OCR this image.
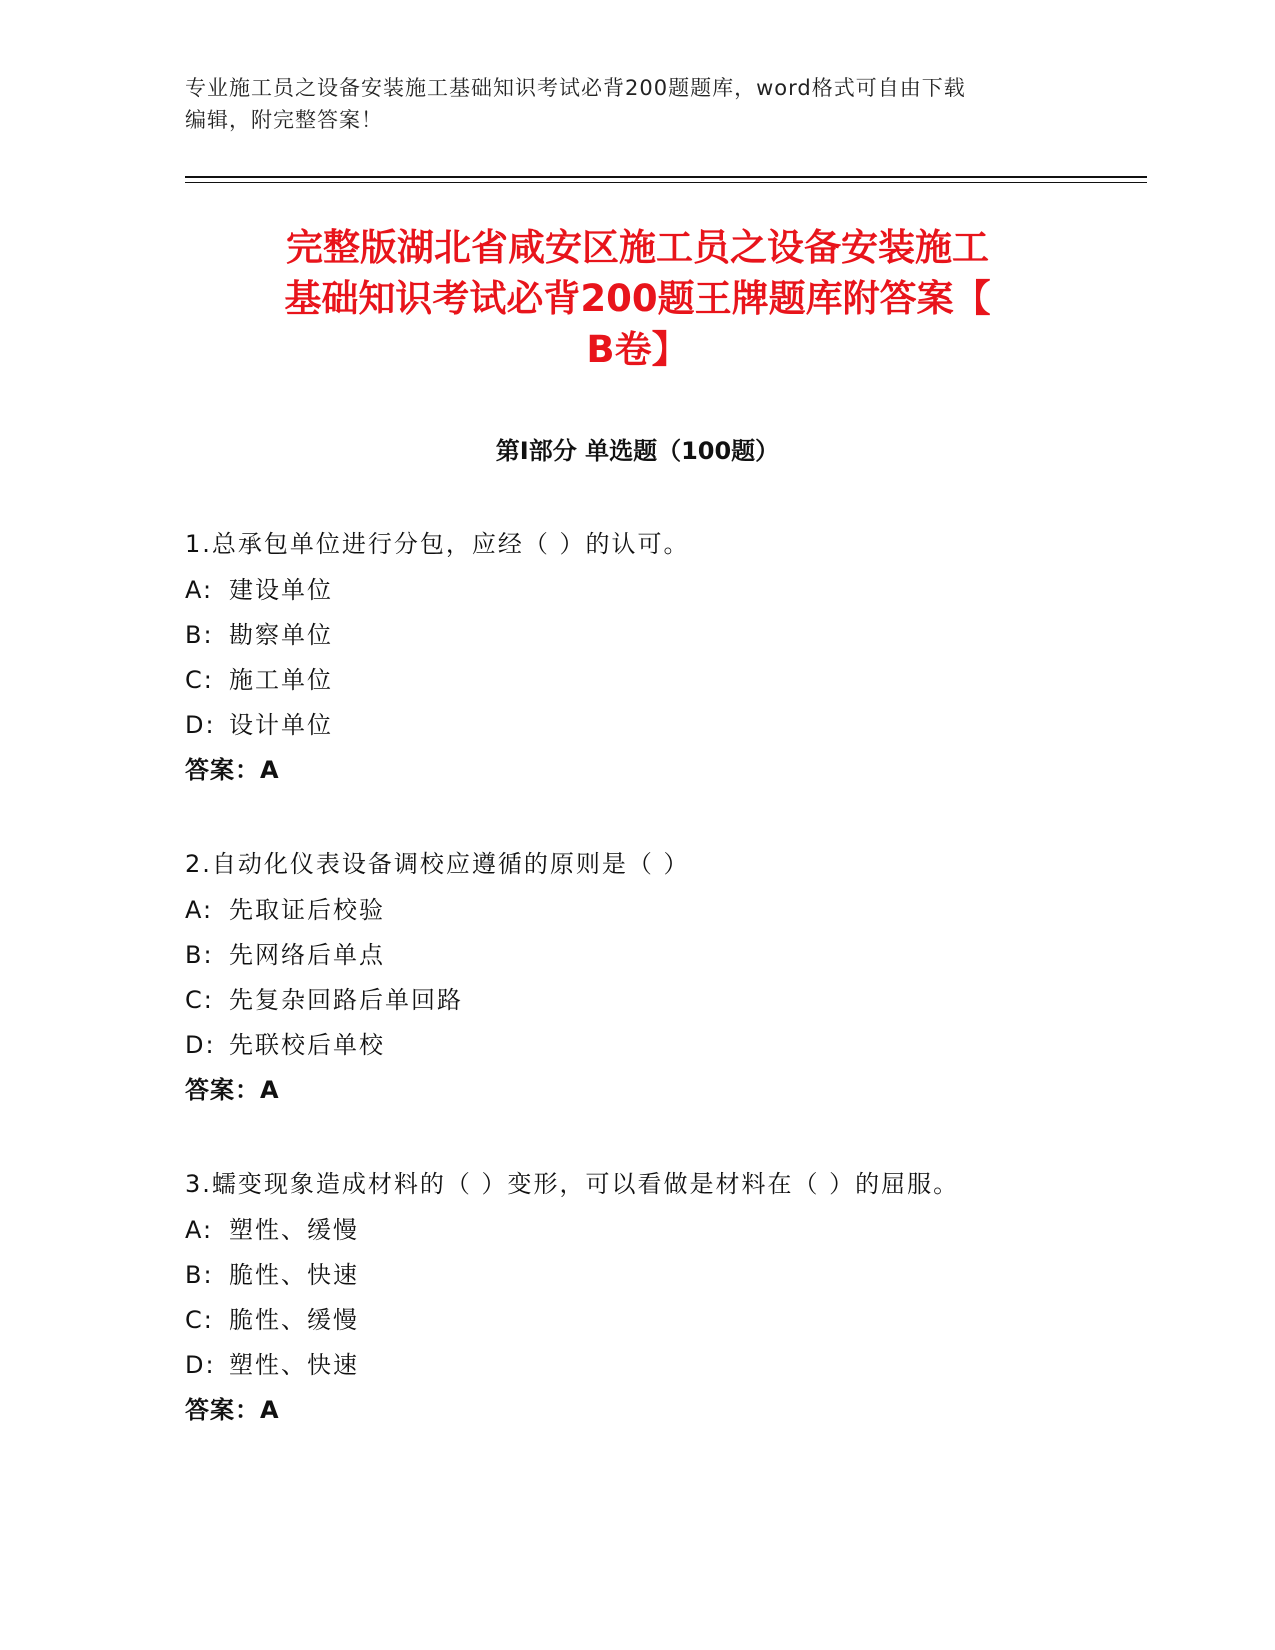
专业施工员之设备安装施工基础知识考试必背200题题库，word格式可自由下载
编辑，附完整答案！
完整版湖北省咸安区施工员之设备安装施工
基础知识考试必背200题王牌题库附答案【
B卷】
第Ⅰ部分 单选题（100题）
1.总承包单位进行分包，应经（ ）的认可。
A: 建设单位
B: 勘察单位
C: 施工单位
D: 设计单位
答案：A
2.自动化仪表设备调校应遵循的原则是（ ）
A: 先取证后校验
B: 先网络后单点
C: 先复杂回路后单回路
D: 先联校后单校
答案：A
3.蠕变现象造成材料的（ ）变形，可以看做是材料在（ ）的屈服。
A: 塑性、缓慢
B: 脆性、快速
C: 脆性、缓慢
D: 塑性、快速
答案：A
